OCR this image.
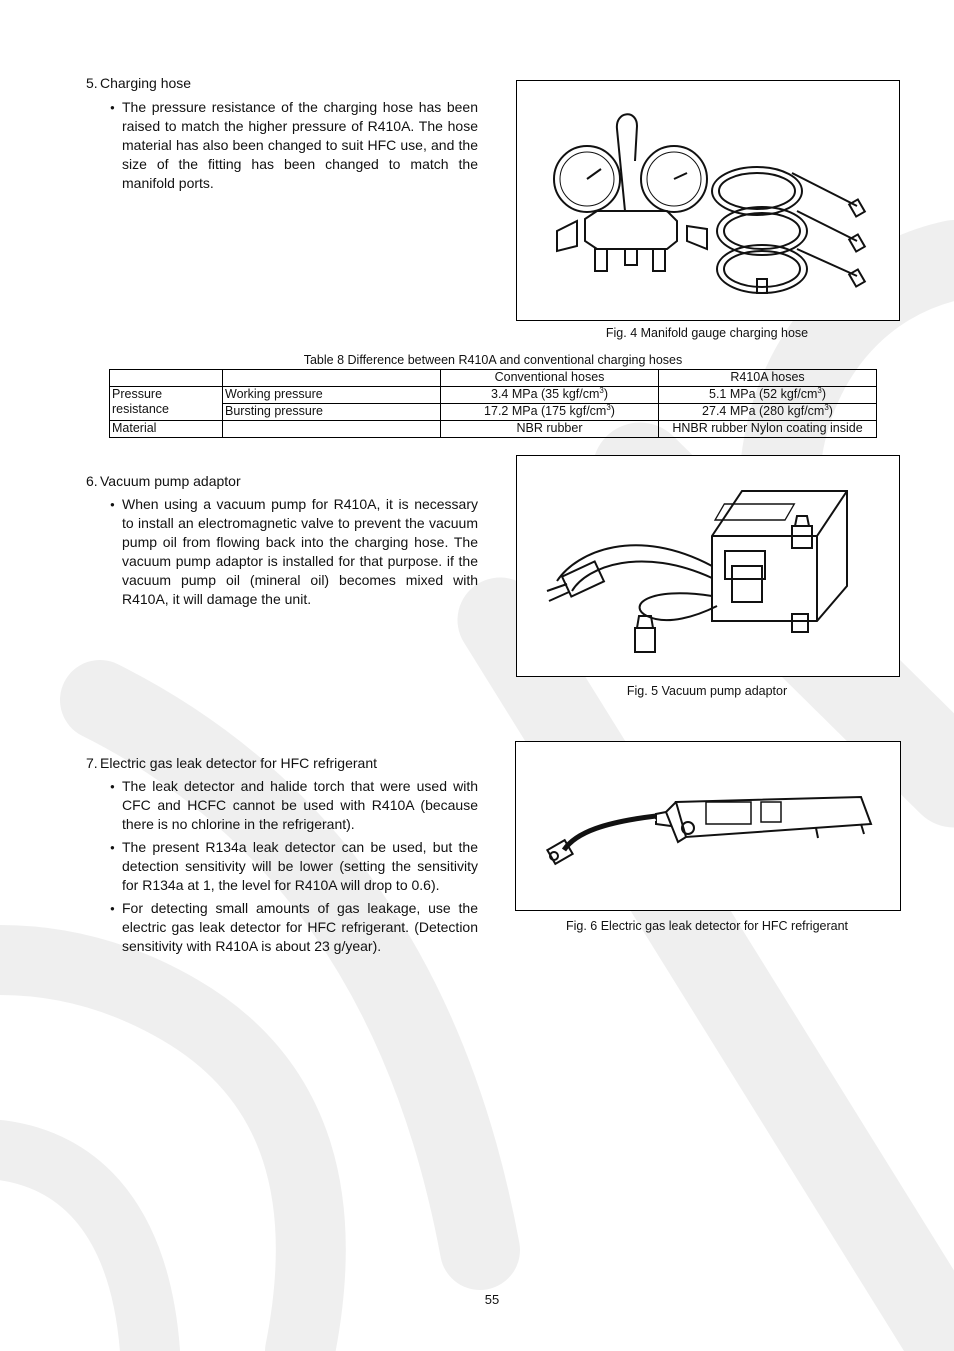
5. Charging hose
● The pressure resistance of the charging hose has been raised to match the higher pressure of R410A. The hose material has also been changed to suit HFC use, and the size of the fitting has been changed to match the manifold ports.
Fig. 4 Manifold gauge charging hose
Table 8 Difference between R410A and conventional charging hoses
		Conventional hoses	R410A hoses
Pressure resistance	Working pressure	3.4 MPa (35 kgf/$cm^3$)	5.1 MPa (52 kgf/$cm^3$)
	Bursting pressure	17.2 MPa (175 kgf/$cm^3$)	27.4 MPa (280 kgf/$cm^3$)
Material		NBR rubber	HNBR rubber Nylon coating inside
6. Vacuum pump adaptor
● When using a vacuum pump for R410A, it is necessary to install an electromagnetic valve to prevent the vacuum pump oil from flowing back into the charging hose. The vacuum pump adaptor is installed for that purpose. if the vacuum pump oil (mineral oil) becomes mixed with R410A, it will damage the unit.
Fig. 5 Vacuum pump adaptor
7. Electric gas leak detector for HFC refrigerant
● The leak detector and halide torch that were used with CFC and HCFC cannot be used with R410A (because there is no chlorine in the refrigerant).
● The present R134a leak detector can be used, but the detection sensitivity will be lower (setting the sensitivity for R134a at 1, the level for R410A will drop to 0.6).
● For detecting small amounts of gas leakage, use the electric gas leak detector for HFC refrigerant. (Detection sensitivity with R410A is about 23 g/year).
Fig. 6 Electric gas leak detector for HFC refrigerant
55
